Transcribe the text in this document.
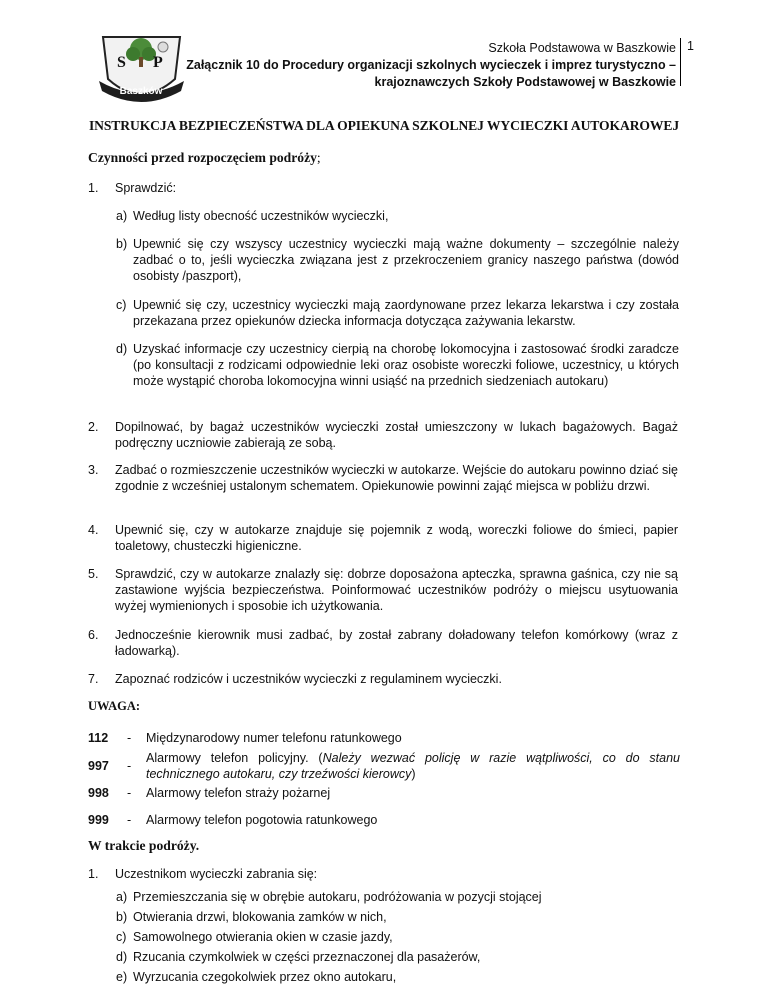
S P
Baszków
Szkoła Podstawowa w Baszkowie
Załącznik 10 do Procedury organizacji szkolnych wycieczek i imprez turystyczno –
krajoznawczych Szkoły Podstawowej w Baszkowie
1
INSTRUKCJA BEZPIECZEŃSTWA DLA OPIEKUNA SZKOLNEJ WYCIECZKI AUTOKAROWEJ
Czynności przed rozpoczęciem podróży;
1. Sprawdzić:
a) Według listy obecność uczestników wycieczki,
b) Upewnić się czy wszyscy uczestnicy wycieczki mają ważne dokumenty – szczególnie należy zadbać o to, jeśli wycieczka związana jest z przekroczeniem granicy naszego państwa (dowód osobisty /paszport),
c) Upewnić się czy, uczestnicy wycieczki mają zaordynowane przez lekarza lekarstwa i czy została przekazana przez opiekunów dziecka informacja dotycząca zażywania lekarstw.
d) Uzyskać informacje czy uczestnicy cierpią na chorobę lokomocyjna i zastosować środki zaradcze (po konsultacji z rodzicami odpowiednie leki oraz osobiste woreczki foliowe, uczestnicy, u których może wystąpić choroba lokomocyjna winni usiąść na przednich siedzeniach autokaru)
2. Dopilnować, by bagaż uczestników wycieczki został umieszczony w lukach bagażowych. Bagaż podręczny uczniowie zabierają ze sobą.
3. Zadbać o rozmieszczenie uczestników wycieczki w autokarze. Wejście do autokaru powinno dziać się zgodnie z wcześniej ustalonym schematem. Opiekunowie powinni zająć miejsca w pobliżu drzwi.
4. Upewnić się, czy w autokarze znajduje się pojemnik z wodą, woreczki foliowe do śmieci, papier toaletowy, chusteczki higieniczne.
5. Sprawdzić, czy w autokarze znalazły się: dobrze doposażona apteczka, sprawna gaśnica, czy nie są zastawione wyjścia bezpieczeństwa. Poinformować uczestników podróży o miejscu usytuowania wyżej wymienionych i sposobie ich użytkowania.
6. Jednocześnie kierownik musi zadbać, by został zabrany doładowany telefon komórkowy (wraz z ładowarką).
7. Zapoznać rodziców i uczestników wycieczki z regulaminem wycieczki.
UWAGA:
112 - Międzynarodowy numer telefonu ratunkowego
997 -
Alarmowy telefon policyjny. (Należy wezwać policję w razie wątpliwości, co do stanu technicznego autokaru, czy trzeźwości kierowcy)
998 - Alarmowy telefon straży pożarnej
999 - Alarmowy telefon pogotowia ratunkowego
W trakcie podróży.
1. Uczestnikom wycieczki zabrania się:
a) Przemieszczania się w obrębie autokaru, podróżowania w pozycji stojącej
b) Otwierania drzwi, blokowania zamków w nich,
c) Samowolnego otwierania okien w czasie jazdy,
d) Rzucania czymkolwiek w części przeznaczonej dla pasażerów,
e) Wyrzucania czegokolwiek przez okno autokaru,
